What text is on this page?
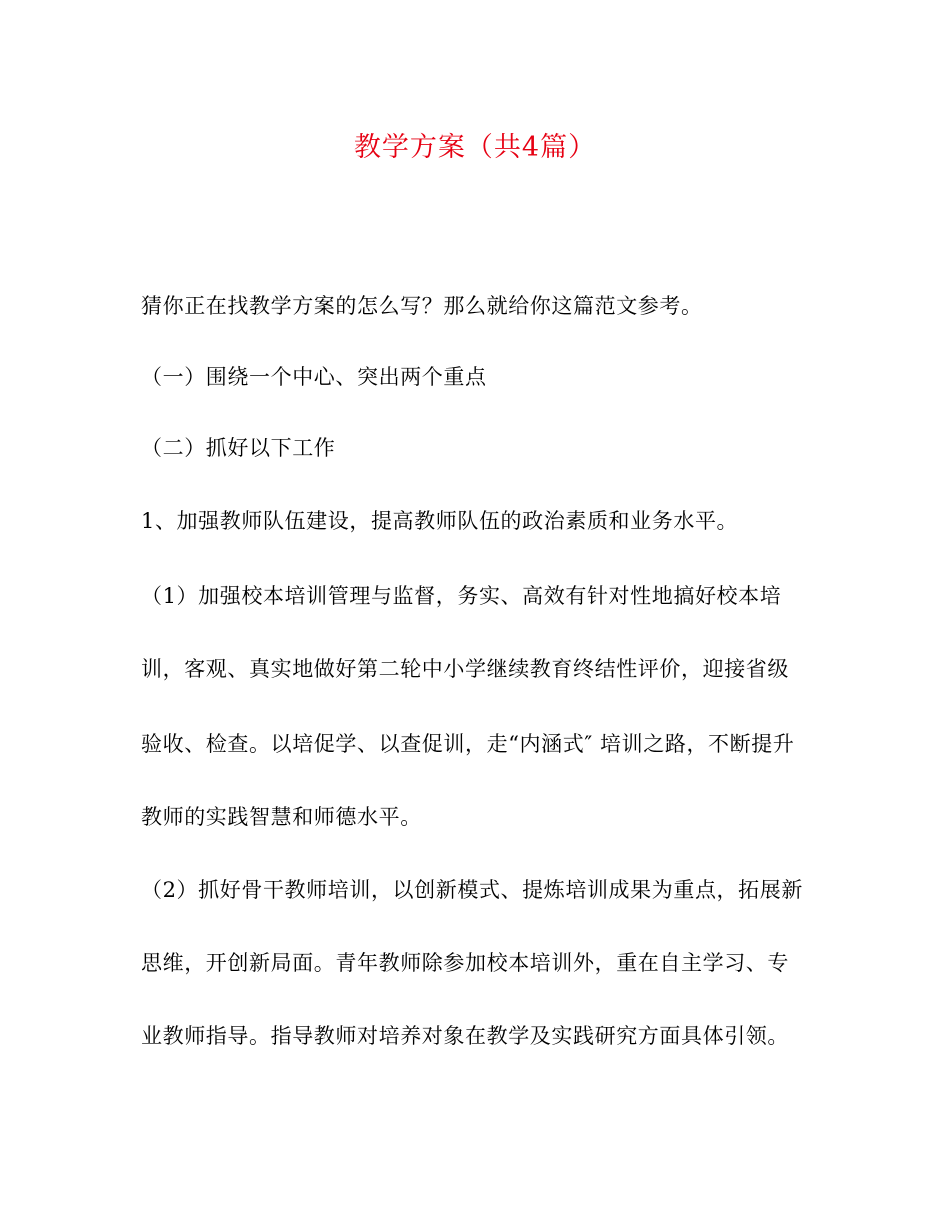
教学方案（共4篇）
猜你正在找教学方案的怎么写？那么就给你这篇范文参考。
（一）围绕一个中心、突出两个重点
（二）抓好以下工作
1、加强教师队伍建设，提高教师队伍的政治素质和业务水平。
（1）加强校本培训管理与监督，务实、高效有针对性地搞好校本培
训，客观、真实地做好第二轮中小学继续教育终结性评价，迎接省级
验收、检查。以培促学、以查促训，走“内涵式″ 培训之路，不断提升
教师的实践智慧和师德水平。
（2）抓好骨干教师培训，以创新模式、提炼培训成果为重点，拓展新
思维，开创新局面。青年教师除参加校本培训外，重在自主学习、专
业教师指导。指导教师对培养对象在教学及实践研究方面具体引领。
